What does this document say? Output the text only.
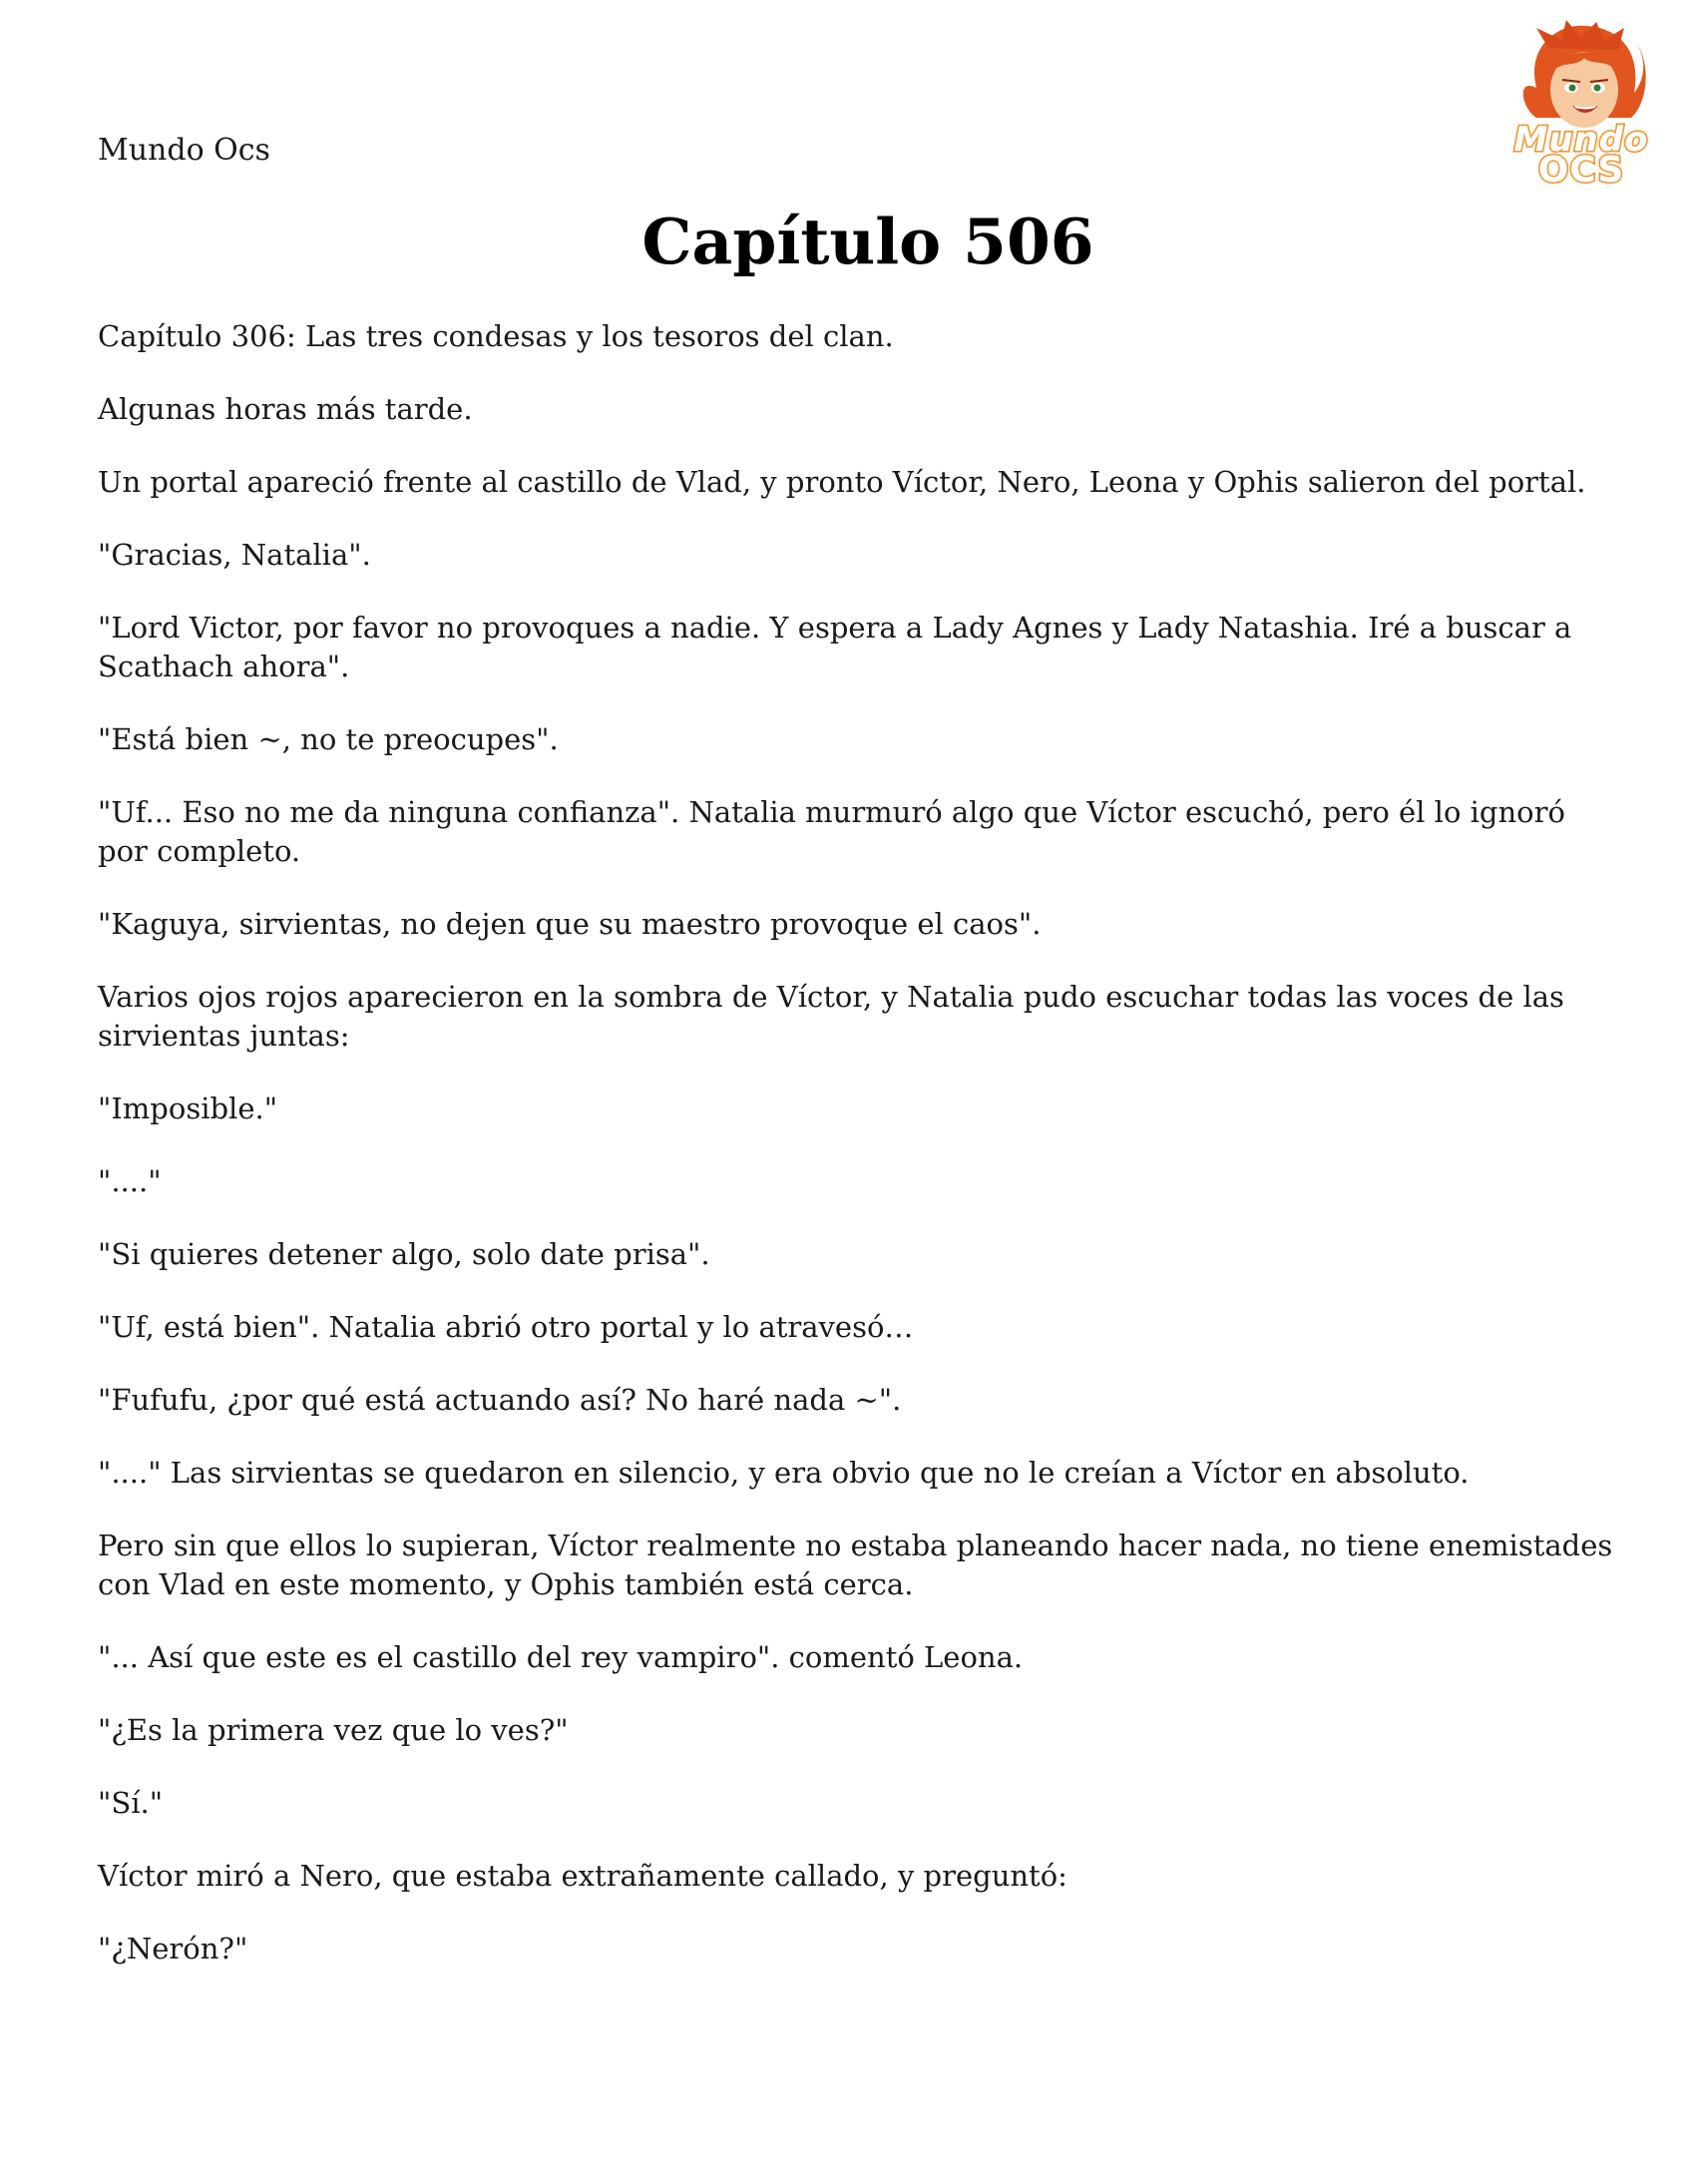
Mundo Ocs	Mundo
OCS
Capítulo 506

Capítulo 306: Las tres condesas y los tesoros del clan.

Algunas horas más tarde.

Un portal apareció frente al castillo de Vlad, y pronto Víctor, Nero, Leona y Ophis salieron del portal.

"Gracias, Natalia".

"Lord Victor, por favor no provoques a nadie. Y espera a Lady Agnes y Lady Natashia. Iré a buscar a Scathach ahora".

"Está bien ~, no te preocupes".

"Uf... Eso no me da ninguna confianza". Natalia murmuró algo que Víctor escuchó, pero él lo ignoró por completo.

"Kaguya, sirvientas, no dejen que su maestro provoque el caos".

Varios ojos rojos aparecieron en la sombra de Víctor, y Natalia pudo escuchar todas las voces de las sirvientas juntas:

"Imposible."

"...."

"Si quieres detener algo, solo date prisa".

"Uf, está bien". Natalia abrió otro portal y lo atravesó…

"Fufufu, ¿por qué está actuando así? No haré nada ~".

"...." Las sirvientas se quedaron en silencio, y era obvio que no le creían a Víctor en absoluto.

Pero sin que ellos lo supieran, Víctor realmente no estaba planeando hacer nada, no tiene enemistades con Vlad en este momento, y Ophis también está cerca.

"... Así que este es el castillo del rey vampiro". comentó Leona.

"¿Es la primera vez que lo ves?"

"Sí."

Víctor miró a Nero, que estaba extrañamente callado, y preguntó:

"¿Nerón?"
